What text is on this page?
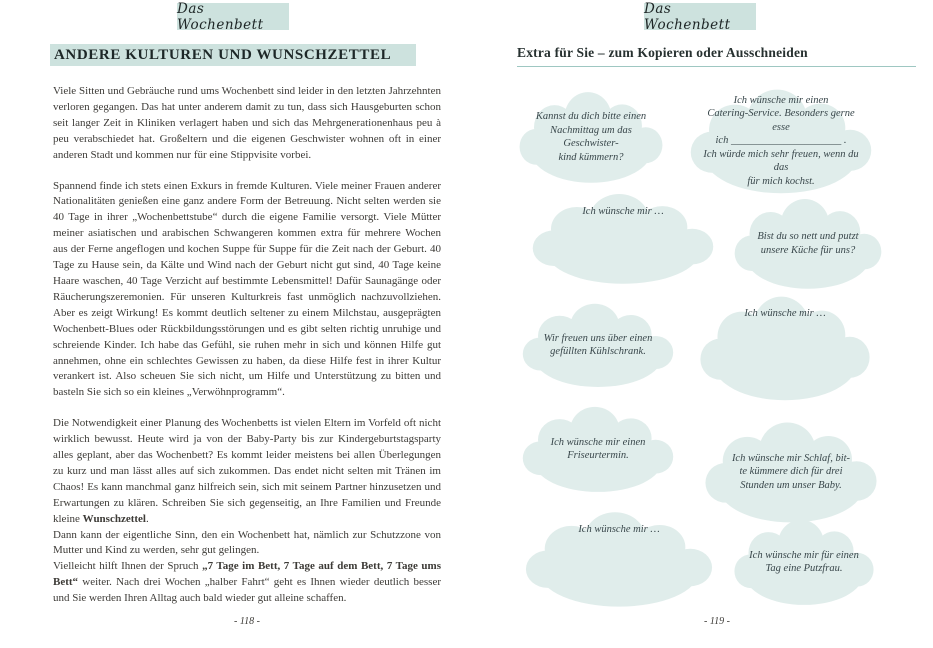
Das Wochenbett
ANDERE KULTUREN UND WUNSCHZETTEL

Viele Sitten und Gebräuche rund ums Wochenbett sind leider in den letzten Jahrzehnten verloren gegangen. Das hat unter anderem damit zu tun, dass sich Hausgeburten schon seit langer Zeit in Kliniken verlagert haben und sich das Mehrgenerationenhaus peu à peu verabschiedet hat. Großeltern und die eigenen Geschwister wohnen oft in einer anderen Stadt und kommen nur für eine Stippvisite vorbei.

Spannend finde ich stets einen Exkurs in fremde Kulturen. Viele meiner Frauen anderer Nationalitäten genießen eine ganz andere Form der Betreuung. Nicht selten werden sie 40 Tage in ihrer „Wochenbettstube“ durch die eigene Familie versorgt. Viele Mütter meiner asiatischen und arabischen Schwangeren kommen extra für mehrere Wochen aus der Ferne angeflogen und kochen Suppe für Suppe für die Zeit nach der Geburt. 40 Tage zu Hause sein, da Kälte und Wind nach der Geburt nicht gut sind, 40 Tage keine Haare waschen, 40 Tage Verzicht auf bestimmte Lebensmittel! Dafür Saunagänge oder Räucherungszeremonien. Für unseren Kulturkreis fast unmöglich nachzuvollziehen. Aber es zeigt Wirkung! Es kommt deutlich seltener zu einem Milchstau, ausgeprägten Wochenbett-Blues oder Rückbildungsstörungen und es gibt selten richtig unruhige und schreiende Kinder. Ich habe das Gefühl, sie ruhen mehr in sich und können Hilfe gut annehmen, ohne ein schlechtes Gewissen zu haben, da diese Hilfe fest in ihrer Kultur verankert ist. Also scheuen Sie sich nicht, um Hilfe und Unterstützung zu bitten und basteln Sie sich so ein kleines „Verwöhnprogramm“.

Die Notwendigkeit einer Planung des Wochenbetts ist vielen Eltern im Vorfeld oft nicht wirklich bewusst. Heute wird ja von der Baby-Party bis zur Kindergeburtstagsparty alles geplant, aber das Wochenbett? Es kommt leider meistens bei allen Überlegungen zu kurz und man lässt alles auf sich zukommen. Das endet nicht selten mit Tränen im Chaos! Es kann manchmal ganz hilfreich sein, sich mit seinem Partner hinzusetzen und Erwartungen zu klären. Schreiben Sie sich gegenseitig, an Ihre Familien und Freunde kleine Wunschzettel.

Dann kann der eigentliche Sinn, den ein Wochenbett hat, nämlich zur Schutzzone von Mutter und Kind zu werden, sehr gut gelingen.

Vielleicht hilft Ihnen der Spruch „7 Tage im Bett, 7 Tage auf dem Bett, 7 Tage ums Bett“ weiter. Nach drei Wochen „halber Fahrt“ geht es Ihnen wieder deutlich besser und Sie werden Ihren Alltag auch bald wieder gut alleine schaffen.

- 118 -
Das Wochenbett
Extra für Sie – zum Kopieren oder Ausschneiden
Kannst du dich bitte einen
Nachmittag um das Geschwister-
kind kümmern?
Ich wünsche mir einen
Catering-Service. Besonders gerne esse
ich _____________________ .
Ich würde mich sehr freuen, wenn du das
für mich kochst.
Ich wünsche mir …
Bist du so nett und putzt
unsere Küche für uns?
Wir freuen uns über einen
gefüllten Kühlschrank.
Ich wünsche mir …
Ich wünsche mir einen
Friseurtermin.	Ich wünsche mir Schlaf, bit-
te kümmere dich für drei
Stunden um unser Baby.
Ich wünsche mir …
Ich wünsche mir für einen
Tag eine Putzfrau.
- 119 -
